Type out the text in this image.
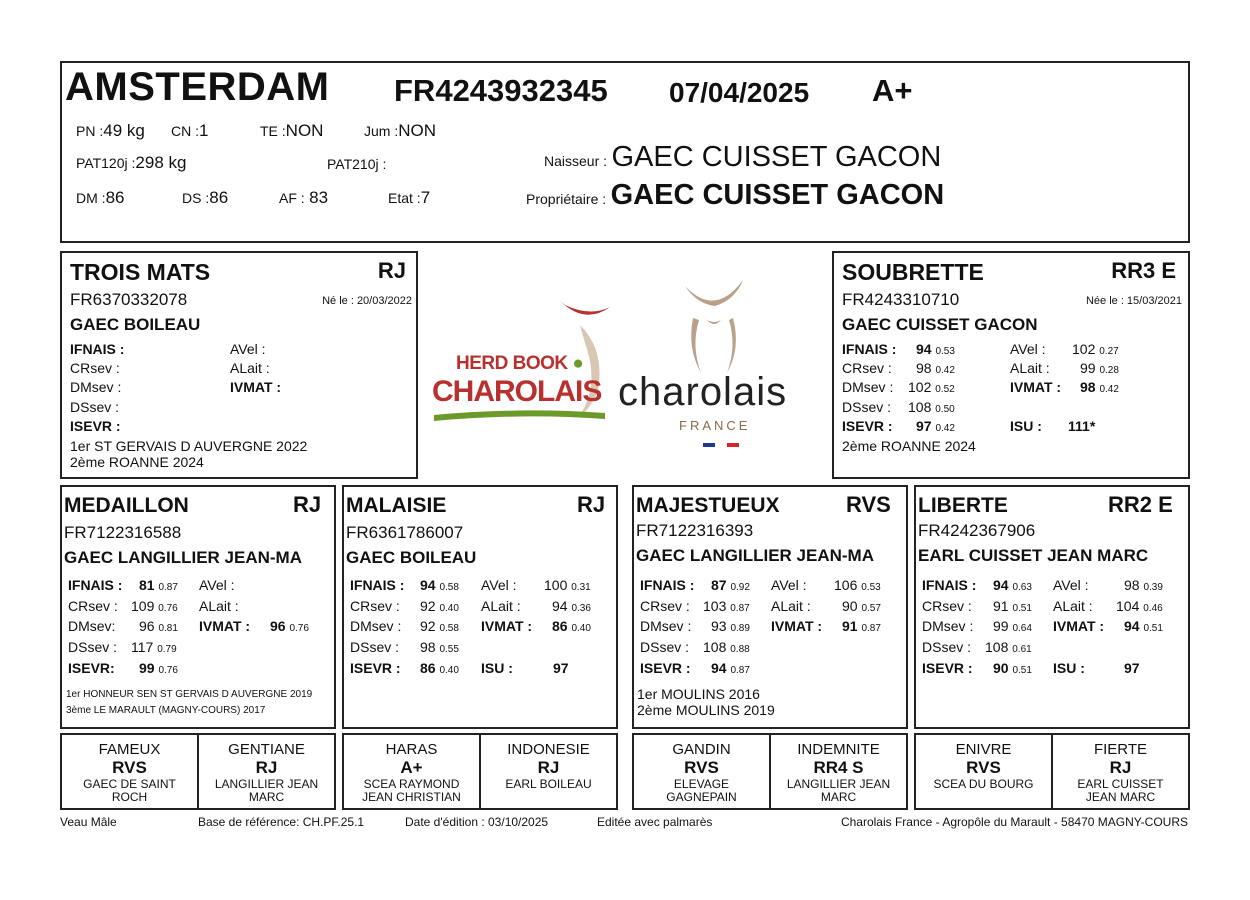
AMSTERDAM FR4243932345 07/04/2025 A+
PN :49 kg CN :1	TE :NON	Jum :NON
PAT120j :298 kg	PAT210j :
DM :86	DS :86	AF : 83	Etat :7
Naisseur : GAEC CUISSET GACON
Propriétaire : GAEC CUISSET GACON
TROIS MATS	RJ
FR6370332078	Né le : 20/03/2022
GAEC BOILEAU
IFNAIS :
CRsev :
DMsev :
DSsev :
ISEVR :
AVel :
ALait :
IVMAT :
1er ST GERVAIS D AUVERGNE 2022
2ème ROANNE 2024
HERD BOOK ●
CHAROLAIS charolais
FRANCE
SOUBRETTE	RR3 E
FR4243310710	Née le : 15/03/2021
GAEC CUISSET GACON
IFNAIS : 94 0.53
CRsev : 98 0.42
DMsev : 102 0.52
DSsev : 108 0.50
ISEVR : 97 0.42
AVel : 102 0.27
ALait : 99 0.28
IVMAT : 98 0.42
ISU : 111*
2ème ROANNE 2024
MEDAILLON	RJ
FR7122316588
GAEC LANGILLIER JEAN-MA
IFNAIS : 81 0.87
CRsev : 109 0.76
DMsev: 96 0.81
DSsev : 117 0.79
ISEVR: 99 0.76
AVel :
ALait :
IVMAT : 96 0.76
1er HONNEUR SEN ST GERVAIS D AUVERGNE 2019
3ème LE MARAULT (MAGNY-COURS) 2017
MALAISIE	RJ
FR6361786007
GAEC BOILEAU
IFNAIS : 94 0.58
CRsev : 92 0.40
DMsev : 92 0.58
DSsev : 98 0.55
ISEVR : 86 0.40
AVel : 100 0.31
ALait : 94 0.36
IVMAT : 86 0.40
ISU :	97
MAJESTUEUX	RVS
FR7122316393
GAEC LANGILLIER JEAN-MA
IFNAIS : 87 0.92
CRsev : 103 0.87
DMsev : 93 0.89
DSsev : 108 0.88
ISEVR : 94 0.87
AVel : 106 0.53
ALait : 90 0.57
IVMAT : 91 0.87
1er MOULINS 2016
2ème MOULINS 2019
LIBERTE	RR2 E
FR4242367906
EARL CUISSET JEAN MARC
IFNAIS : 94 0.63
CRsev : 91 0.51
DMsev : 99 0.64
DSsev : 108 0.61
ISEVR : 90 0.51
AVel :	98 0.39
ALait : 104 0.46
IVMAT : 94 0.51
ISU :	97
FAMEUX
RVS
GAEC DE SAINT ROCH
GENTIANE
RJ
LANGILLIER JEAN MARC
HARAS
A+
SCEA RAYMOND JEAN CHRISTIAN
INDONESIE
RJ
EARL BOILEAU
GANDIN
RVS
ELEVAGE GAGNEPAIN
INDEMNITE
RR4 S
LANGILLIER JEAN MARC
ENIVRE
RVS
SCEA DU BOURG
FIERTE
RJ
EARL CUISSET JEAN MARC
Veau Mâle	Base de référence: CH.PF.25.1	Date d'édition : 03/10/2025	Editée avec palmarès	Charolais France - Agropôle du Marault - 58470 MAGNY-COURS
